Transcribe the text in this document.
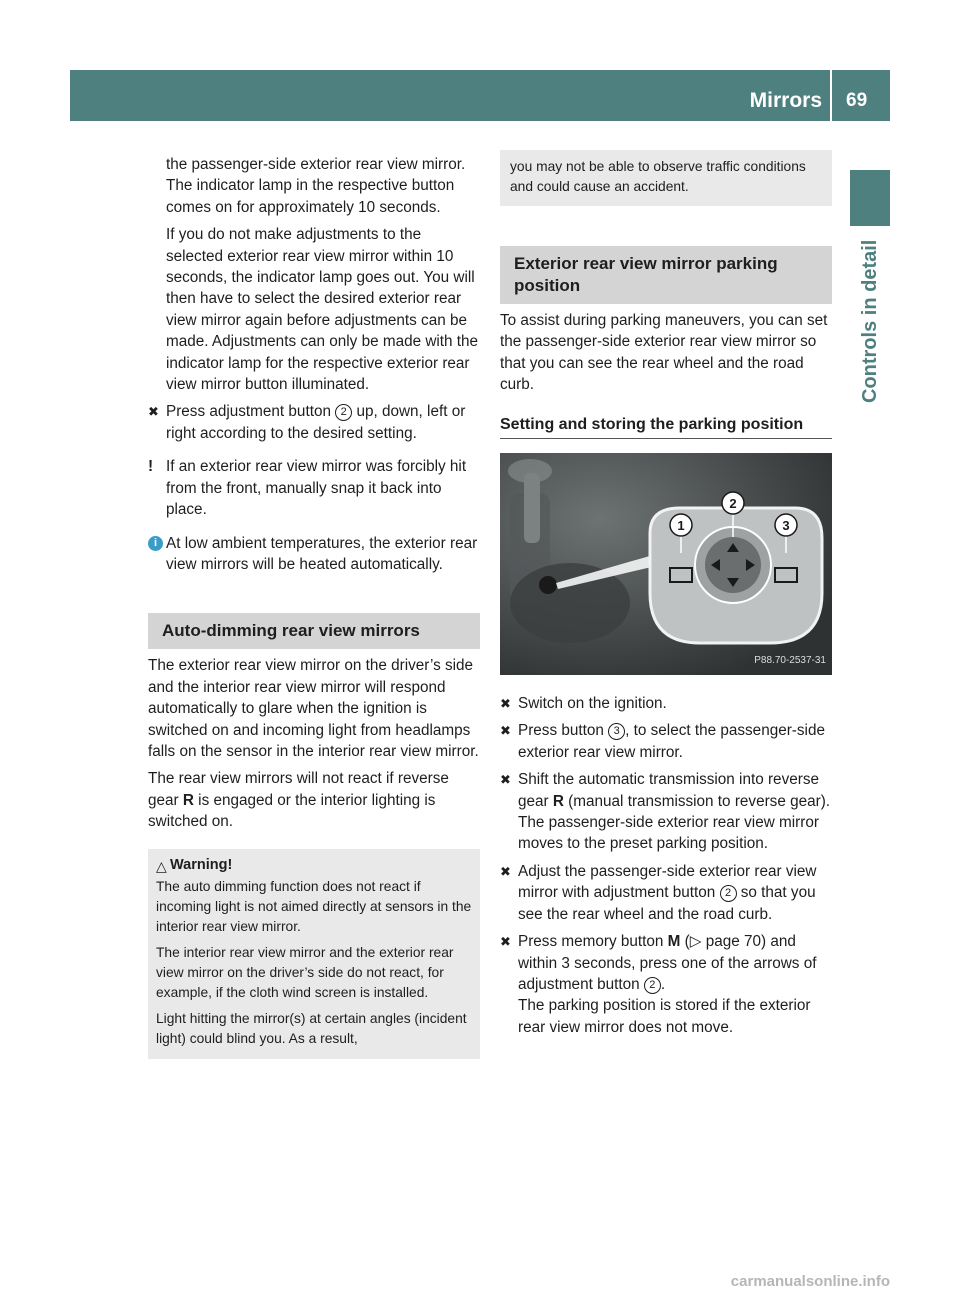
Mirrors 69
Controls in detail

the passenger-side exterior rear view mirror.

The indicator lamp in the respective button comes on for approximately 10 seconds.

If you do not make adjustments to the selected exterior rear view mirror within 10 seconds, the indicator lamp goes out. You will then have to select the desired exterior rear view mirror again before adjustments can be made. Adjustments can only be made with the indicator lamp for the respective exterior rear view mirror button illuminated.

✖ Press adjustment button 2 up, down, left or right according to the desired setting.
! If an exterior rear view mirror was forcibly hit from the front, manually snap it back into place.
i At low ambient temperatures, the exterior rear view mirrors will be heated automatically.
Auto-dimming rear view mirrors

The exterior rear view mirror on the driver’s side and the interior rear view mirror will respond automatically to glare when the ignition is switched on and incoming light from headlamps falls on the sensor in the interior rear view mirror.

The rear view mirrors will not react if reverse gear R is engaged or the interior lighting is switched on.

△ Warning!

The auto dimming function does not react if incoming light is not aimed directly at sensors in the interior rear view mirror.

The interior rear view mirror and the exterior rear view mirror on the driver’s side do not react, for example, if the cloth wind screen is installed.

Light hitting the mirror(s) at certain angles (incident light) could blind you. As a result,

you may not be able to observe traffic conditions and could cause an accident.

Exterior rear view mirror parking position

To assist during parking maneuvers, you can set the passenger-side exterior rear view mirror so that you can see the rear wheel and the road curb.

Setting and storing the parking position
1
2
3
P88.70-2537-31
✖ Switch on the ignition.
✖ Press button 3 , to select the passenger-side exterior rear view mirror.
✖ Shift the automatic transmission into reverse gear R (manual transmission to reverse gear).

The passenger-side exterior rear view mirror moves to the preset parking position.

✖ Adjust the passenger-side exterior rear view mirror with adjustment button 2 so that you see the rear wheel and the road curb.
✖ Press memory button M (▷ page 70) and within 3 seconds, press one of the arrows of adjustment button 2 .

The parking position is stored if the exterior rear view mirror does not move.

carmanualsonline.info
